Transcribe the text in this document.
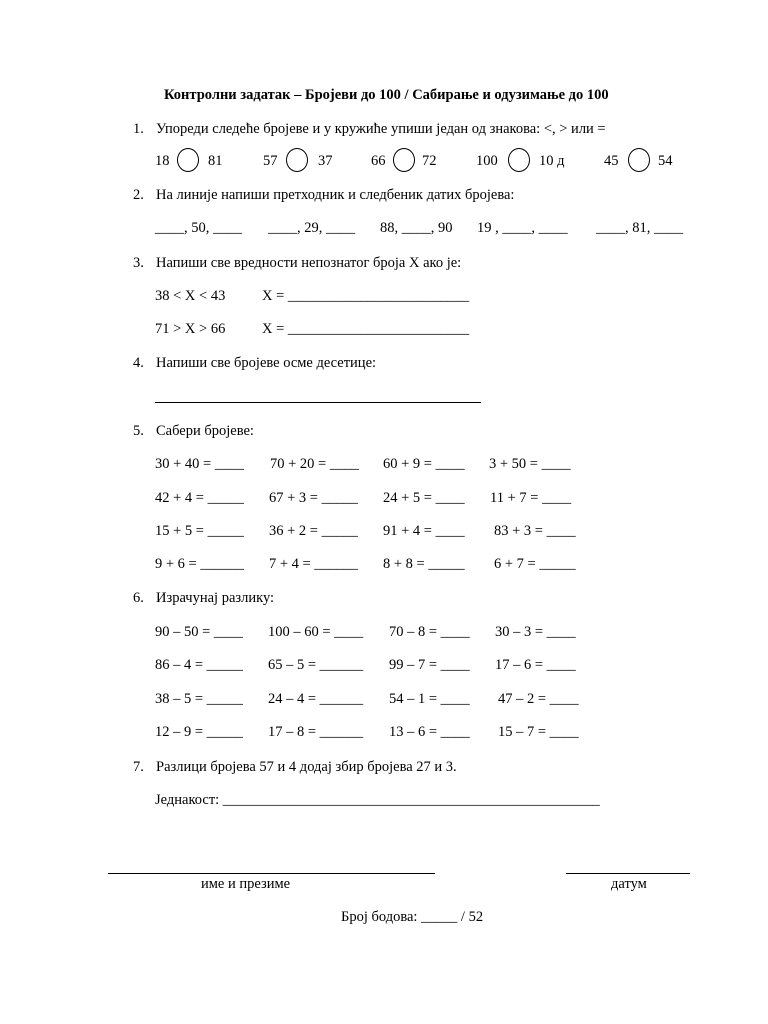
Контролни задатак – Бројеви до 100 / Сабирање и одузимање до 100
1. Упореди следеће бројеве и у кружиће упиши један од знакова: <, > или =
18	81	57	37	66	72	100	10 д	45	54
2. На линије напиши претходник и следбеник датих бројева:
____, 50, ____ ____, 29, ____ 88, ____, 90 19 , ____, ____ ____, 81, ____
3. Напиши све вредности непознатог броја X ако је:
38 < X < 43	X = _________________________
71 > X > 66	X = _________________________
4. Напиши све бројеве осме десетице:
5. Сабери бројеве:
30 + 40 = ____ 70 + 20 = ____ 60 + 9 = ____ 3 + 50 = ____
42 + 4 = _____ 67 + 3 = _____ 24 + 5 = ____ 11 + 7 = ____
15 + 5 = _____ 36 + 2 = _____ 91 + 4 = ____ 83 + 3 = ____
9 + 6 = ______ 7 + 4 = ______ 8 + 8 = _____ 6 + 7 = _____
6. Израчунај разлику:
90 – 50 = ____ 100 – 60 = ____ 70 – 8 = ____ 30 – 3 = ____
86 – 4 = _____ 65 – 5 = ______ 99 – 7 = ____ 17 – 6 = ____
38 – 5 = _____ 24 – 4 = ______ 54 – 1 = ____ 47 – 2 = ____
12 – 9 = _____ 17 – 8 = ______ 13 – 6 = ____ 15 – 7 = ____
7. Разлици бројева 57 и 4 додај збир бројева 27 и 3.
Једнакост: ____________________________________________________
име и презиме	датум
Број бодова: _____ / 52
